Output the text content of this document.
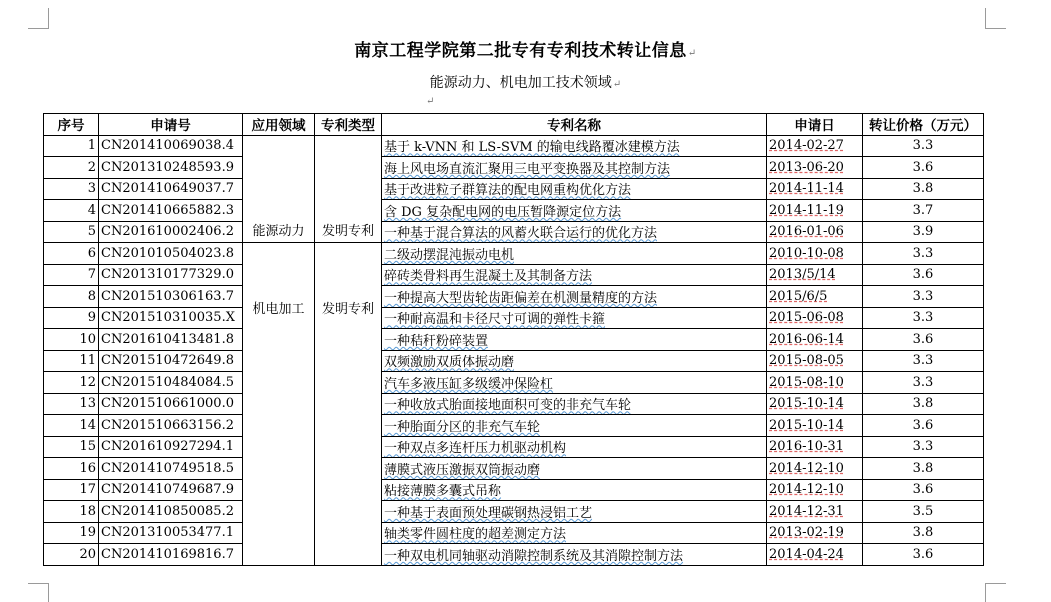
南京工程学院第二批专有专利技术转让信息↵
能源动力、机电加工技术领域↵
↵
序号	申请号	应用领域	专利类型	专利名称	申请日	转让价格（万元）
1	CN201410069038.4	能源动力	发明专利	基于 k-VNN 和 LS-SVM 的输电线路覆冰建模方法	2014-02-27	3.3
2	CN201310248593.9			海上风电场直流汇聚用三电平变换器及其控制方法	2013-06-20	3.6
3	CN201410649037.7			基于改进粒子群算法的配电网重构优化方法	2014-11-14	3.8
4	CN201410665882.3			含 DG 复杂配电网的电压暂降源定位方法	2014-11-19	3.7
5	CN201610002406.2			一种基于混合算法的风蓄火联合运行的优化方法	2016-01-06	3.9
6	CN201010504023.8	机电加工	发明专利	二级动摆混沌振动电机	2010-10-08	3.3
7	CN201310177329.0			碎砖类骨料再生混凝土及其制备方法	2013/5/14	3.6
8	CN201510306163.7			一种提高大型齿轮齿距偏差在机测量精度的方法	2015/6/5	3.3
9	CN201510310035.X			一种耐高温和卡径尺寸可调的弹性卡箍	2015-06-08	3.3
10	CN201610413481.8			一种秸秆粉碎装置	2016-06-14	3.6
11	CN201510472649.8			双频激励双质体振动磨	2015-08-05	3.3
12	CN201510484084.5			汽车多液压缸多级缓冲保险杠	2015-08-10	3.3
13	CN201510661000.0			一种收放式胎面接地面积可变的非充气车轮	2015-10-14	3.8
14	CN201510663156.2			一种胎面分区的非充气车轮	2015-10-14	3.6
15	CN201610927294.1			一种双点多连杆压力机驱动机构	2016-10-31	3.3
16	CN201410749518.5			薄膜式液压激振双筒振动磨	2014-12-10	3.8
17	CN201410749687.9			粘接薄膜多囊式吊称	2014-12-10	3.6
18	CN201410850085.2			一种基于表面预处理碳钢热浸铝工艺	2014-12-31	3.5
19	CN201310053477.1			轴类零件圆柱度的超差测定方法	2013-02-19	3.8
20	CN201410169816.7			一种双电机同轴驱动消隙控制系统及其消隙控制方法	2014-04-24	3.6
